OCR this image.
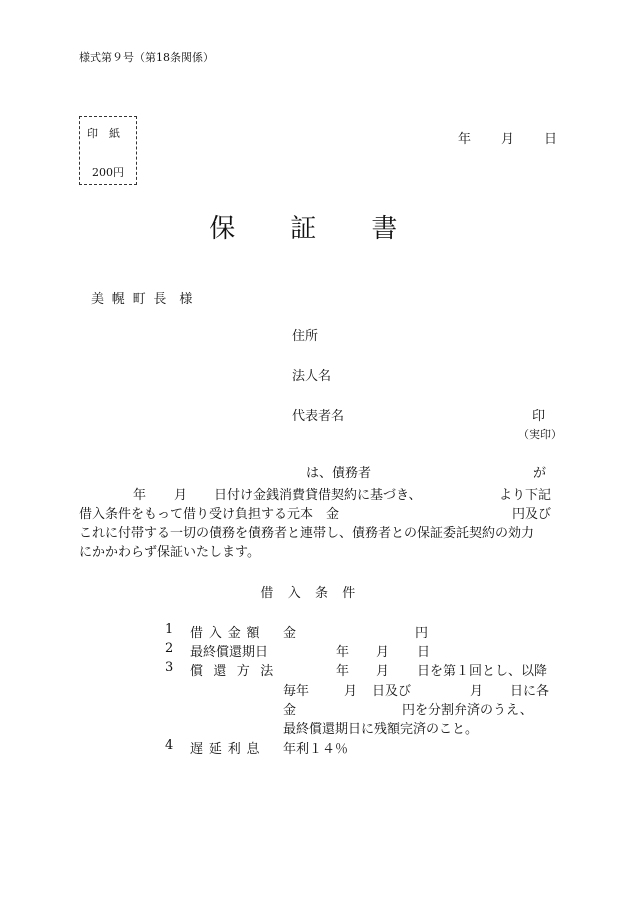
様式第９号（第18条関係）
印　紙
200円
年 月 日
保 証 書
美幌町長 様
住所
法人名
代表者名	印
（実印）
は、債務者	が
年 月 日付け金銭消費貸借契約に基づき、	より下記
借入条件をもって借り受け負担する元本　金	円及び
これに付帯する一切の債務を債務者と連帯し、債務者との保証委託契約の効力
にかかわらず保証いたします。
借入条件
1 借入金額 金	円
2 最終償還期日	年 月 日
3 償還方法	年 月 日を第１回とし、以降
毎年	月 日及び	月 日に各
金	円を分割弁済のうえ、
最終償還期日に残額完済のこと。
4 遅延利息 年利１４％
